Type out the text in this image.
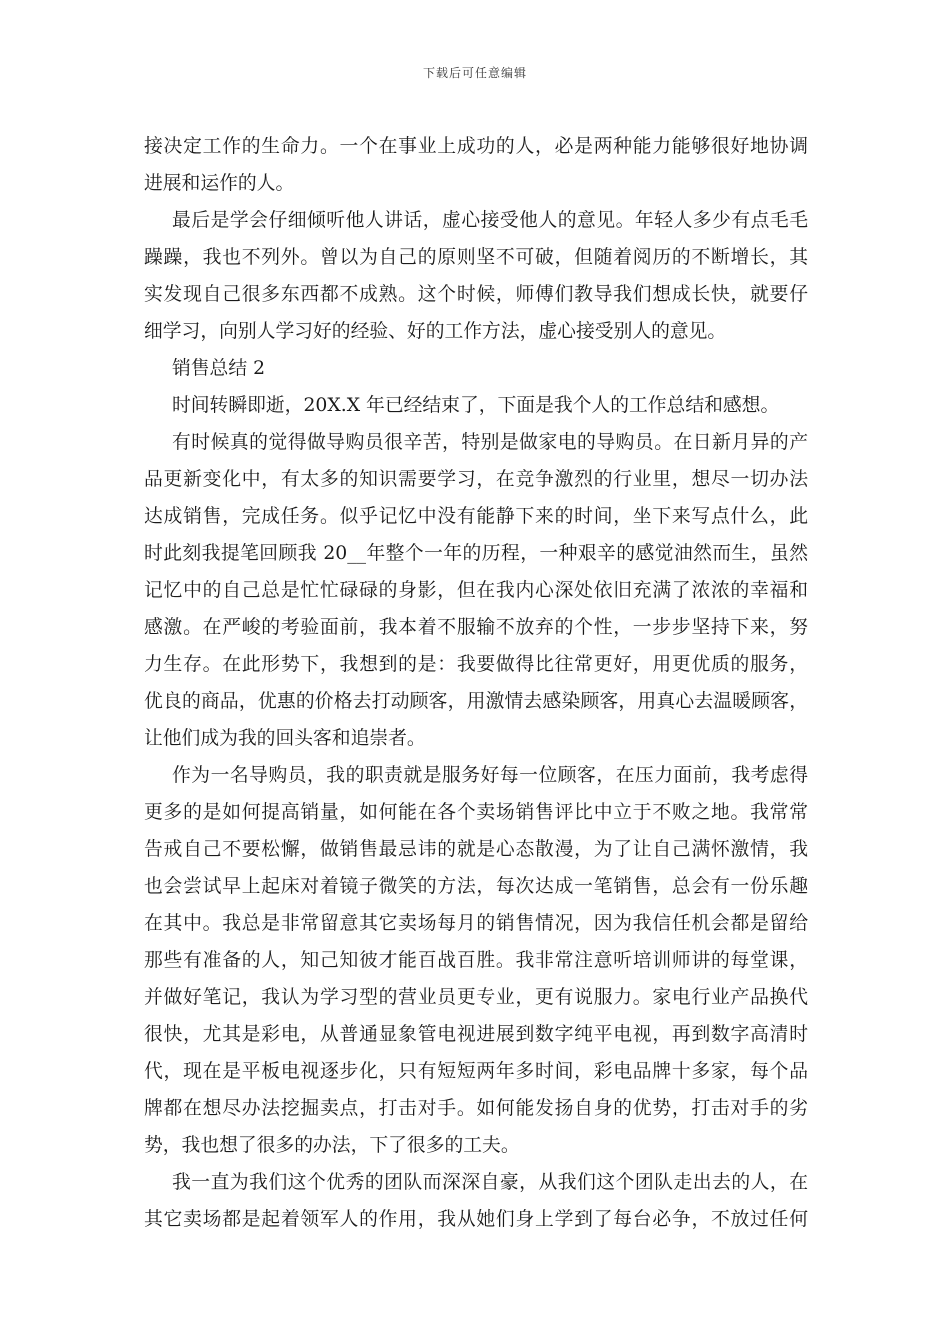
下载后可任意编辑
接决定工作的生命力。一个在事业上成功的人，必是两种能力能够很好地协调
进展和运作的人。
最后是学会仔细倾听他人讲话，虚心接受他人的意见。年轻人多少有点毛毛
躁躁，我也不列外。曾以为自己的原则坚不可破，但随着阅历的不断增长，其
实发现自己很多东西都不成熟。这个时候，师傅们教导我们想成长快，就要仔
细学习，向别人学习好的经验、好的工作方法，虚心接受别人的意见。
销售总结 2
时间转瞬即逝，20X.X 年已经结束了，下面是我个人的工作总结和感想。
有时候真的觉得做导购员很辛苦，特别是做家电的导购员。在日新月异的产
品更新变化中，有太多的知识需要学习，在竞争激烈的行业里，想尽一切办法
达成销售，完成任务。似乎记忆中没有能静下来的时间，坐下来写点什么，此
时此刻我提笔回顾我 20__年整个一年的历程，一种艰辛的感觉油然而生，虽然
记忆中的自己总是忙忙碌碌的身影，但在我内心深处依旧充满了浓浓的幸福和
感激。在严峻的考验面前，我本着不服输不放弃的个性，一步步坚持下来，努
力生存。在此形势下，我想到的是：我要做得比往常更好，用更优质的服务，
优良的商品，优惠的价格去打动顾客，用激情去感染顾客，用真心去温暖顾客，
让他们成为我的回头客和追崇者。
作为一名导购员，我的职责就是服务好每一位顾客，在压力面前，我考虑得
更多的是如何提高销量，如何能在各个卖场销售评比中立于不败之地。我常常
告戒自己不要松懈，做销售最忌讳的就是心态散漫，为了让自己满怀激情，我
也会尝试早上起床对着镜子微笑的方法，每次达成一笔销售，总会有一份乐趣
在其中。我总是非常留意其它卖场每月的销售情况，因为我信任机会都是留给
那些有准备的人，知己知彼才能百战百胜。我非常注意听培训师讲的每堂课，
并做好笔记，我认为学习型的营业员更专业，更有说服力。家电行业产品换代
很快，尤其是彩电，从普通显象管电视进展到数字纯平电视，再到数字高清时
代，现在是平板电视逐步化，只有短短两年多时间，彩电品牌十多家，每个品
牌都在想尽办法挖掘卖点，打击对手。如何能发扬自身的优势，打击对手的劣
势，我也想了很多的办法，下了很多的工夫。
我一直为我们这个优秀的团队而深深自豪，从我们这个团队走出去的人，在
其它卖场都是起着领军人的作用，我从她们身上学到了每台必争，不放过任何
